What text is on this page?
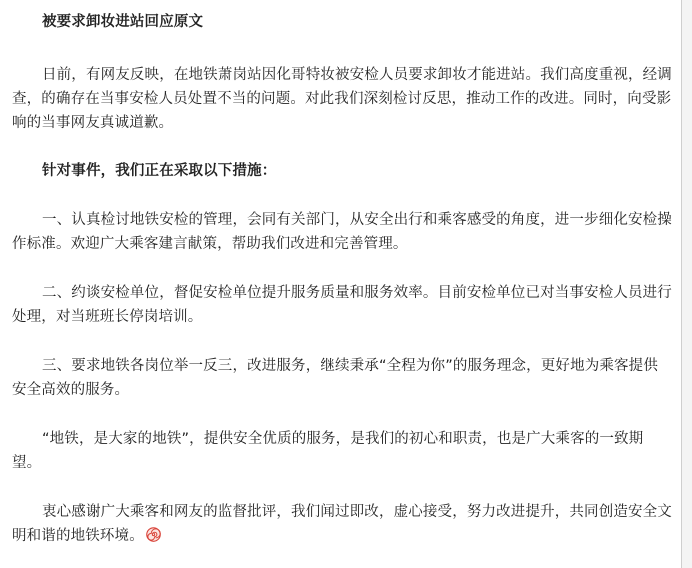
被要求卸妆进站回应原文
日前，有网友反映，在地铁萧岗站因化哥特妆被安检人员要求卸妆才能进站。我们高度重视，经调
查，的确存在当事安检人员处置不当的问题。对此我们深刻检讨反思，推动工作的改进。同时，向受影
响的当事网友真诚道歉。
针对事件，我们正在采取以下措施：
一、认真检讨地铁安检的管理，会同有关部门，从安全出行和乘客感受的角度，进一步细化安检操
作标准。欢迎广大乘客建言献策，帮助我们改进和完善管理。
二、约谈安检单位，督促安检单位提升服务质量和服务效率。目前安检单位已对当事安检人员进行
处理，对当班班长停岗培训。
三、要求地铁各岗位举一反三，改进服务，继续秉承“全程为你”的服务理念，更好地为乘客提供
安全高效的服务。
“地铁，是大家的地铁”，提供安全优质的服务，是我们的初心和职责，也是广大乘客的一致期
望。
衷心感谢广大乘客和网友的监督批评，我们闻过即改，虚心接受，努力改进提升，共同创造安全文
明和谐的地铁环境。
